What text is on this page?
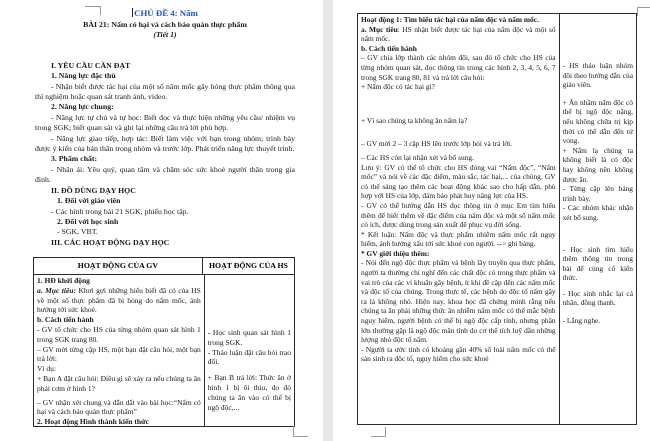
CHỦ ĐỀ 4: Nấm

BÀI 21: Nấm có hại và cách bảo quản thực phẩm

(Tiết 1)

I. YÊU CẦU CẦN ĐẠT

1. Năng lực đặc thù

- Nhận biết được tác hại của một số nấm mốc gây hỏng thực phẩm thông qua thí nghiệm hoặc quan sát tranh ảnh, video.

2. Năng lực chung:

- Năng lực tự chủ và tự học: Biết đọc và thực hiện những yêu cầu/ nhiệm vụ trong SGK; biết quan sát và ghi lại những câu trả lời phù hợp.

- Năng lực giao tiếp, hợp tác: Biết làm việc với bạn trong nhóm; trình bày được ý kiến của bản thân trong nhóm và trước lớp. Phát triển năng lực thuyết trình.

3. Phẩm chất:

- Nhân ái: Yêu quý, quan tâm và chăm sóc sức khoẻ người thân trong gia đình.

II. ĐỒ DÙNG DẠY HỌC

1. Đối với giáo viên

- Các hình trong bài 21 SGK, phiếu học tập.

2. Đối với học sinh

- SGK, VBT.

III. CÁC HOẠT ĐỘNG DẠY HỌC

HOẠT ĐỘNG CỦA GV	HOẠT ĐỘNG CỦA HS

1. HĐ khởi động

a. Mục tiêu: Khơi gợi những hiểu biết đã có của HS về một số thực phẩm đã bị hỏng do nấm mốc, ảnh hưởng tới sức khoẻ.

b. Cách tiến hành

- GV tổ chức cho HS của từng nhóm quan sát hình 1 trong SGK trang 80.

– GV mời từng cặp HS, một bạn đặt câu hỏi, một bạn trả lời:

Ví dụ:

+ Bạn A đặt câu hỏi: Điều gì sẽ xảy ra nếu chúng ta ăn phải cơm ở hình 1?

– GV nhận xét chung và dẫn dắt vào bài học:“Nấm có hại và cách bảo quản thực phẩm”

2. Hoạt động Hình thành kiến thức

- Học sinh quan sát hình 1 trong SGK.

- Thảo luận đặt câu hỏi trao đổi.

+ Bạn B trả lời: Thức ăn ở hình 1 bị ôi thiu, do đó chúng ta ăn vào có thể bị ngộ độc,...

Hoạt động 1: Tìm hiểu tác hại của nấm độc và nấm mốc.

a. Mục tiêu: HS nhận biết được tác hại của nấm độc và một số nấm mốc.

b. Cách tiến hành

– GV chia lớp thành các nhóm đôi, sau đó tổ chức cho HS của từng nhóm quan sát, đọc thông tin trong các hình 2, 3, 4, 5, 6, 7 trong SGK trang 80, 81 và trả lời câu hỏi:

+ Nấm độc có tác hại gì?

+ Vì sao chúng ta không ăn nấm lạ?

– GV mời 2 – 3 cặp HS lên trước lớp hỏi và trả lời.

– Các HS còn lại nhận xét và bổ sung.

Lưu ý: GV có thể tổ chức cho HS đóng vai “Nấm độc”, “Nấm mốc” và nói về các đặc điểm, màu sắc, tác hại,... của chúng. GV có thể sáng tạo thêm các hoạt động khác sao cho hấp dẫn, phù hợp với HS của lớp, đảm bảo phát huy năng lực của HS.

- GV có thể hướng dẫn HS đọc thông tin ở mục Em tìm hiểu thêm để biết thêm về đặc điểm của nấm độc và một số nấm mốc có ích, được dùng trong sản xuất để phục vụ đời sống.

* Kết luận: Nấm độc và thực phẩm nhiễm nấm mốc rất nguy hiểm, ảnh hưởng xấu tới sức khoẻ con người. --> ghi bảng.

* GV giới thiệu thêm:

- Nói đến ngộ độc thực phẩm và bệnh lây truyền qua thực phẩm, người ta thường chỉ nghĩ đến các chất độc có trong thực phẩm và vai trò của các vi khuẩn gây bệnh, ít khi đề cập đến các nấm mốc và độc tố của chúng. Trong thực tế, các bệnh do độc tố nấm gây ra là không nhỏ. Hiện nay, khoa học đã chứng minh rằng nếu chúng ta ăn phải những thức ăn nhiễm nấm mốc có thể mắc bệnh nguy hiểm, người bệnh có thể bị ngộ độc cấp tính, nhưng phần lớn thường gặp là ngộ độc mãn tính do cơ thể tích luỹ dần những lượng nhỏ độc tố nấm.

- Người ta ước tính có khoảng gần 40% số loài nấm mốc có thể sản sinh ra độc tố, nguy hiểm cho sức khoẻ

- HS thảo luận nhóm đôi theo hướng dẫn của giáo viên.

+ Ăn nhầm nấm độc có thể bị ngộ độc nặng, nếu không chữa trị kịp thời có thể dẫn đến tử vong.

+ Nấm lạ chúng ta không biết là có độc hay không nên không được ăn.

- Từng cặp lên bảng trình bày.

- Các nhóm khác nhận xét bổ sung.

- Học sinh tìm hiểu thêm thông tin trong bài để củng cố kiến thức.

- Học sinh nhắc lại cá nhân, đồng thanh.

- Lắng nghe.
